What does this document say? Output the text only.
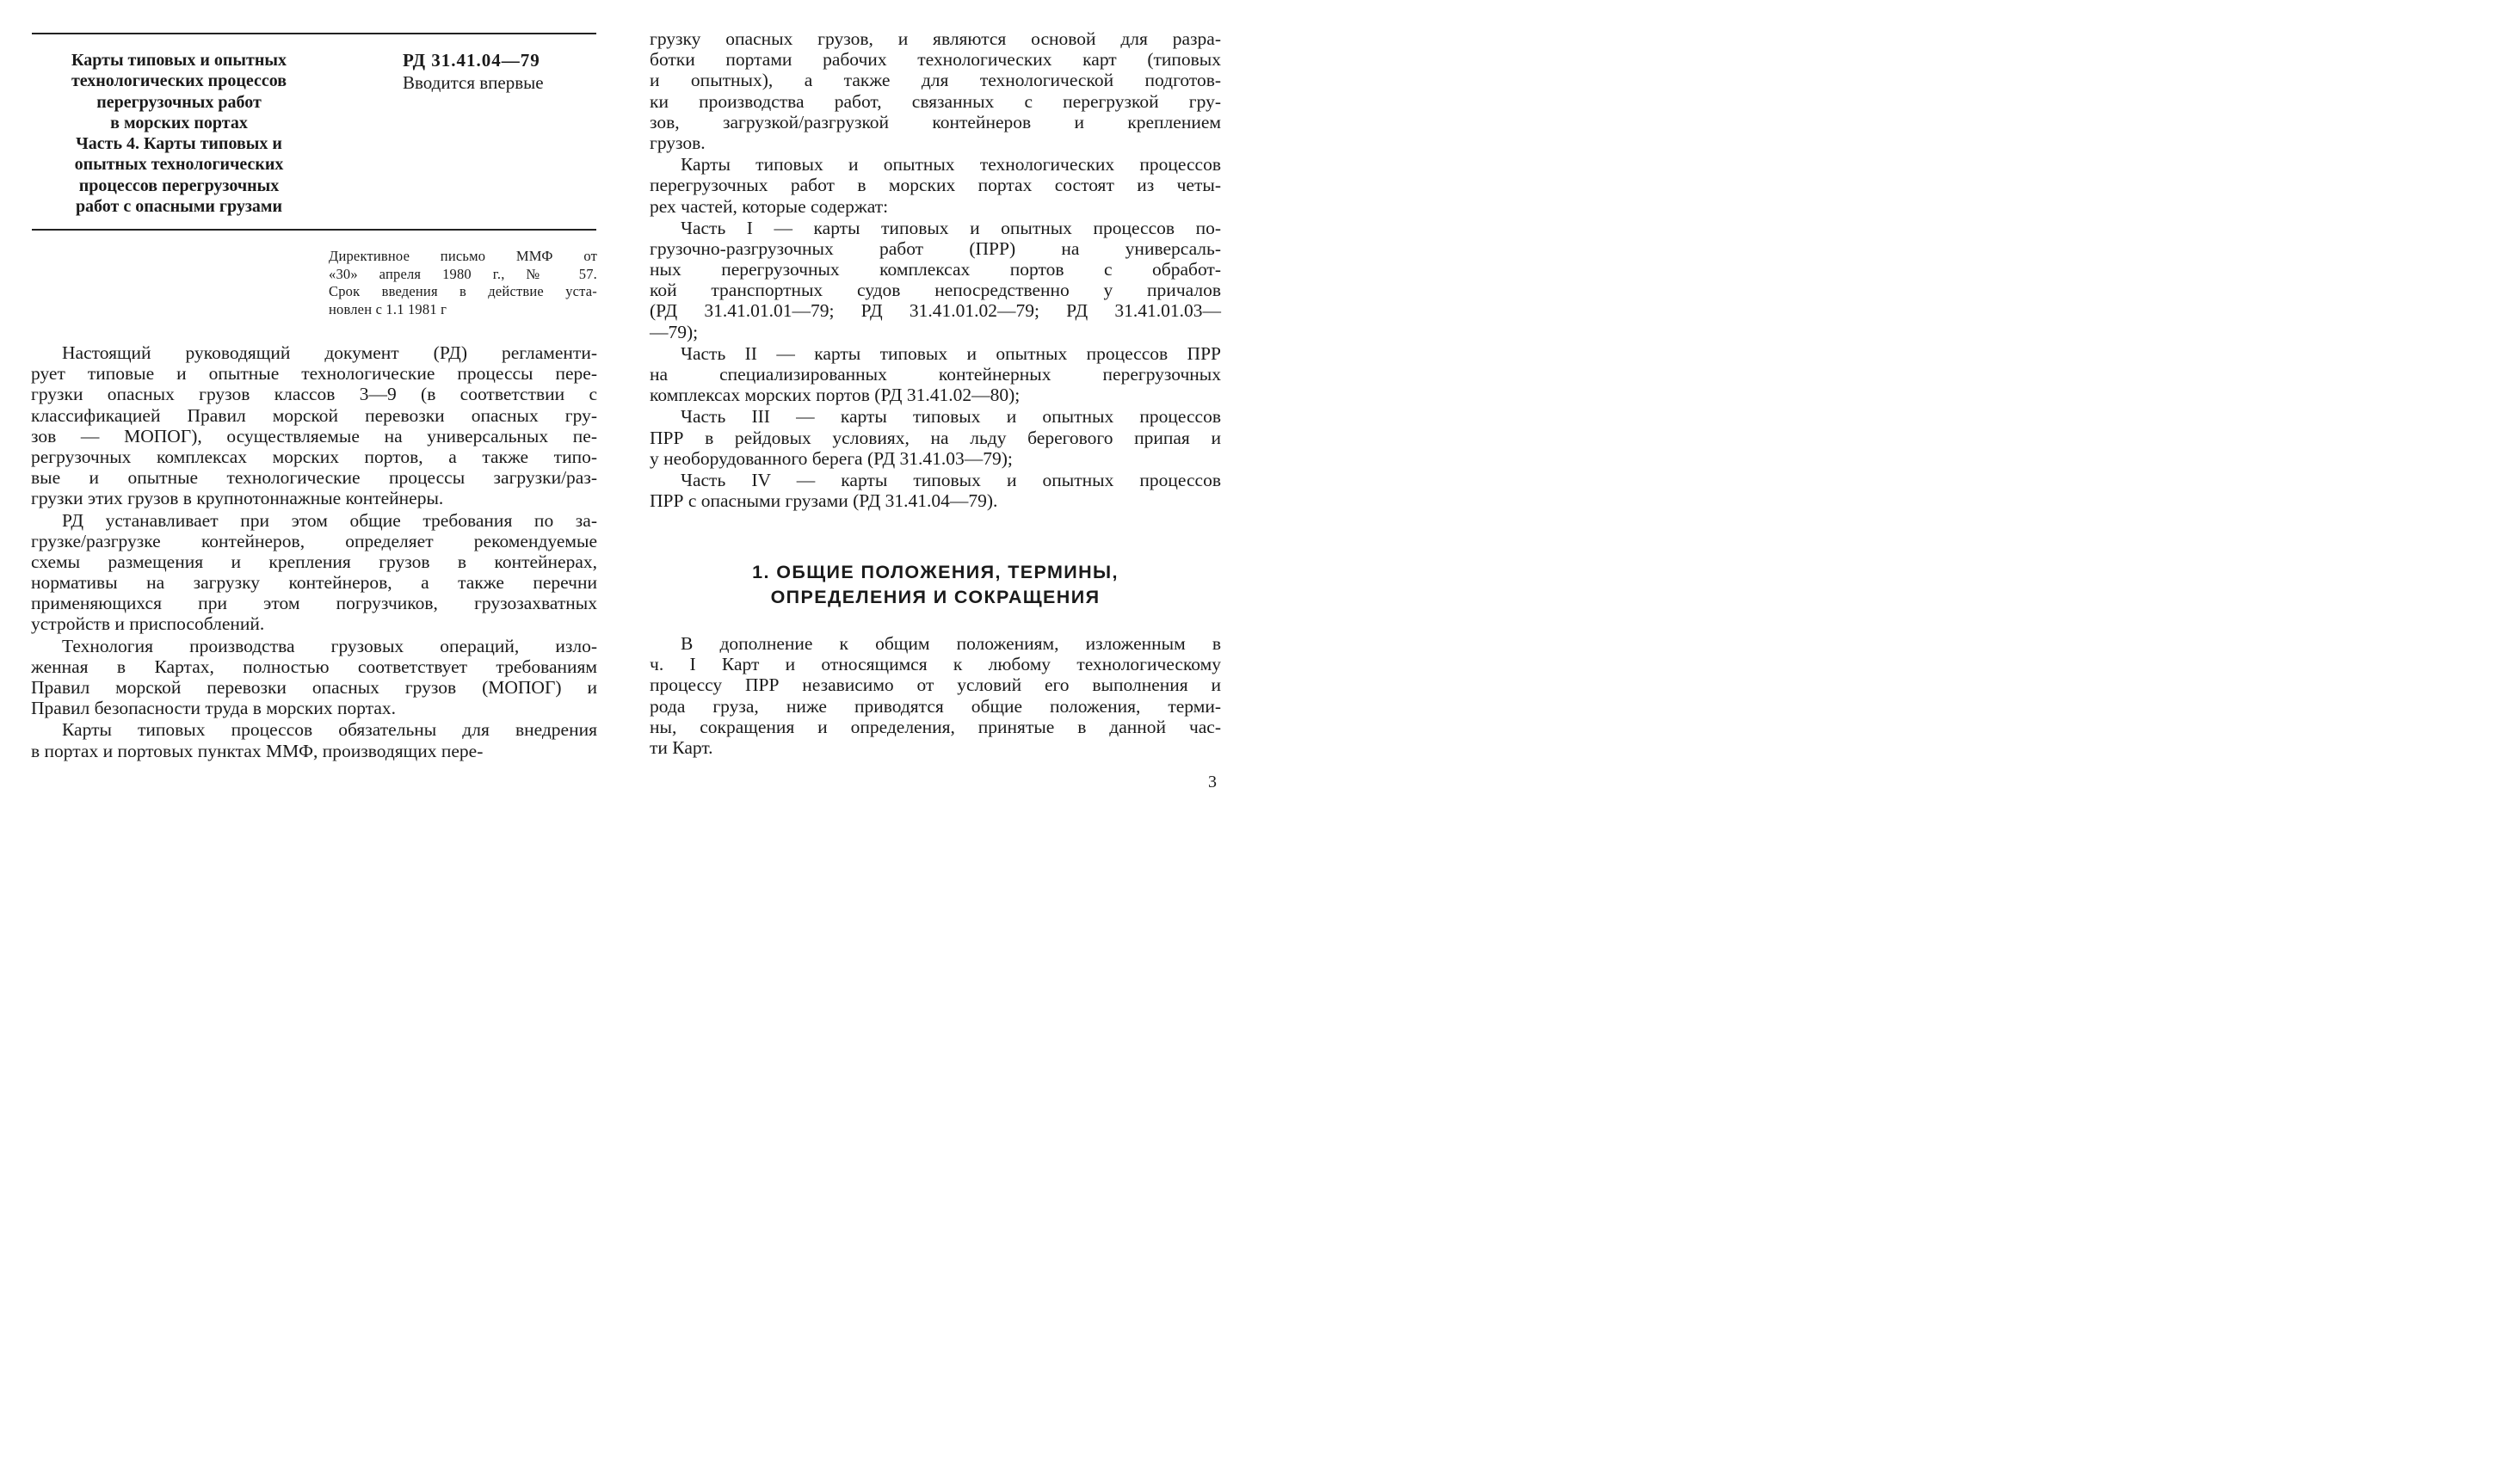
Карты типовых и опытных
технологических процессов
перегрузочных работ
в морских портах
Часть 4. Карты типовых и
опытных технологических
процессов перегрузочных
работ с опасными грузами
РД 31.41.04—79
Вводится впервые
Директивное письмо ММФ от
«30» апреля 1980 г., № 57.
Срок введения в действие уста-
новлен с 1.1 1981 г
Настоящий руководящий документ (РД) регламенти-
рует типовые и опытные технологические процессы пере-
грузки опасных грузов классов 3—9 (в соответствии с
классификацией Правил морской перевозки опасных гру-
зов — МОПОГ), осуществляемые на универсальных пе-
регрузочных комплексах морских портов, а также типо-
вые и опытные технологические процессы загрузки/раз-
грузки этих грузов в крупнотоннажные контейнеры.
РД устанавливает при этом общие требования по за-
грузке/разгрузке контейнеров, определяет рекомендуемые
схемы размещения и крепления грузов в контейнерах,
нормативы на загрузку контейнеров, а также перечни
применяющихся при этом погрузчиков, грузозахватных
устройств и приспособлений.
Технология производства грузовых операций, изло-
женная в Картах, полностью соответствует требованиям
Правил морской перевозки опасных грузов (МОПОГ) и
Правил безопасности труда в морских портах.
Карты типовых процессов обязательны для внедрения
в портах и портовых пунктах ММФ, производящих пере-
грузку опасных грузов, и являются основой для разра-
ботки портами рабочих технологических карт (типовых
и опытных), а также для технологической подготов-
ки производства работ, связанных с перегрузкой гру-
зов, загрузкой/разгрузкой контейнеров и креплением
грузов.
Карты типовых и опытных технологических процессов
перегрузочных работ в морских портах состоят из четы-
рех частей, которые содержат:
Часть I — карты типовых и опытных процессов по-
грузочно-разгрузочных работ (ПРР) на универсаль-
ных перегрузочных комплексах портов с обработ-
кой транспортных судов непосредственно у причалов
(РД 31.41.01.01—79; РД 31.41.01.02—79; РД 31.41.01.03—
—79);
Часть II — карты типовых и опытных процессов ПРР
на специализированных контейнерных перегрузочных
комплексах морских портов (РД 31.41.02—80);
Часть III — карты типовых и опытных процессов
ПРР в рейдовых условиях, на льду берегового припая и
у необорудованного берега (РД 31.41.03—79);
Часть IV — карты типовых и опытных процессов
ПРР с опасными грузами (РД 31.41.04—79).
1. ОБЩИЕ ПОЛОЖЕНИЯ, ТЕРМИНЫ,
ОПРЕДЕЛЕНИЯ И СОКРАЩЕНИЯ
В дополнение к общим положениям, изложенным в
ч. I Карт и относящимся к любому технологическому
процессу ПРР независимо от условий его выполнения и
рода груза, ниже приводятся общие положения, терми-
ны, сокращения и определения, принятые в данной час-
ти Карт.
3
